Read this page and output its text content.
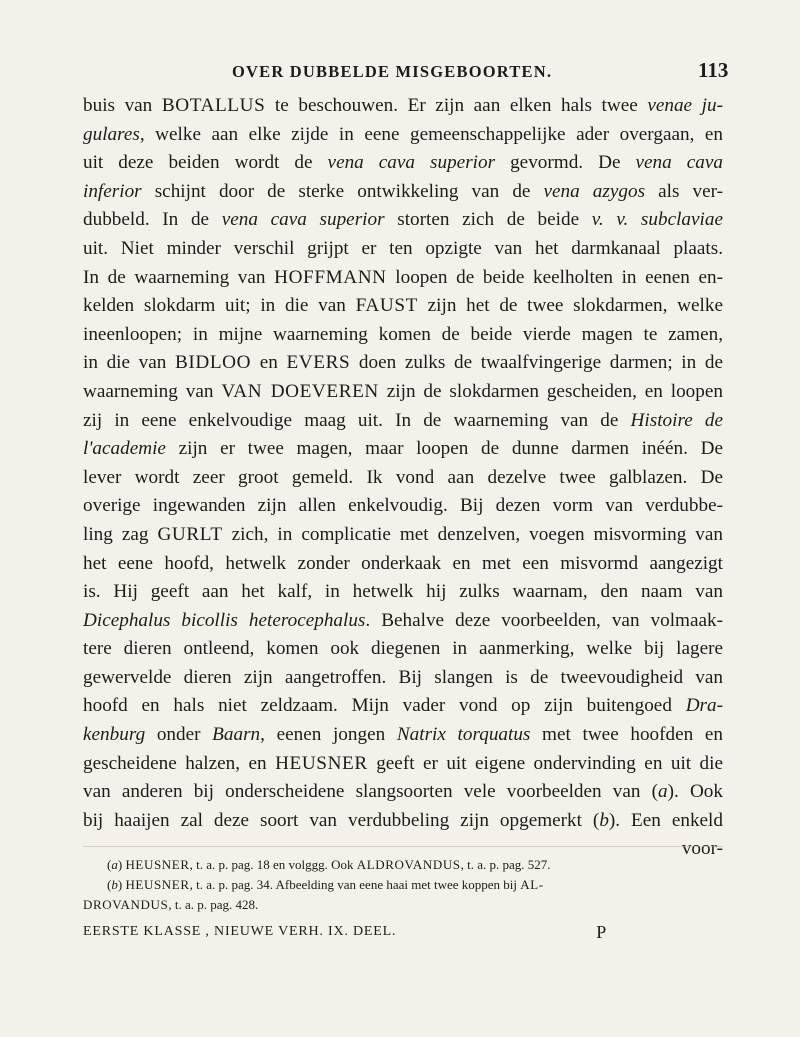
OVER DUBBELDE MISGEBOORTEN.	113
buis van BOTALLUS te beschouwen. Er zijn aan elken hals twee venae ju-
gulares, welke aan elke zijde in eene gemeenschappelijke ader overgaan, en
uit deze beiden wordt de vena cava superior gevormd. De vena cava
inferior schijnt door de sterke ontwikkeling van de vena azygos als ver-
dubbeld. In de vena cava superior storten zich de beide v. v. subclaviae
uit. Niet minder verschil grijpt er ten opzigte van het darmkanaal plaats.
In de waarneming van HOFFMANN loopen de beide keelholten in eenen en-
kelden slokdarm uit; in die van FAUST zijn het de twee slokdarmen, welke
ineenloopen; in mijne waarneming komen de beide vierde magen te zamen,
in die van BIDLOO en EVERS doen zulks de twaalfvingerige darmen; in de
waarneming van VAN DOEVEREN zijn de slokdarmen gescheiden, en loopen
zij in eene enkelvoudige maag uit. In de waarneming van de Histoire de
l'academie zijn er twee magen, maar loopen de dunne darmen inéén. De
lever wordt zeer groot gemeld. Ik vond aan dezelve twee galblazen. De
overige ingewanden zijn allen enkelvoudig. Bij dezen vorm van verdubbe-
ling zag GURLT zich, in complicatie met denzelven, voegen misvorming van
het eene hoofd, hetwelk zonder onderkaak en met een misvormd aangezigt
is. Hij geeft aan het kalf, in hetwelk hij zulks waarnam, den naam van
Dicephalus bicollis heterocephalus. Behalve deze voorbeelden, van volmaak-
tere dieren ontleend, komen ook diegenen in aanmerking, welke bij lagere
gewervelde dieren zijn aangetroffen. Bij slangen is de tweevoudigheid van
hoofd en hals niet zeldzaam. Mijn vader vond op zijn buitengoed Dra-
kenburg onder Baarn, eenen jongen Natrix torquatus met twee hoofden en
gescheidene halzen, en HEUSNER geeft er uit eigene ondervinding en uit die
van anderen bij onderscheidene slangsoorten vele voorbeelden van (a). Ook
bij haaijen zal deze soort van verdubbeling zijn opgemerkt (b). Een enkeld
voor-
(a) HEUSNER, t. a. p. pag. 18 en volggg. Ook ALDROVANDUS, t. a. p. pag. 527.
(b) HEUSNER, t. a. p. pag. 34. Afbeelding van eene haai met twee koppen bij AL-
DROVANDUS, t. a. p. pag. 428.
EERSTE KLASSE , NIEUWE VERH. IX. DEEL.	P
